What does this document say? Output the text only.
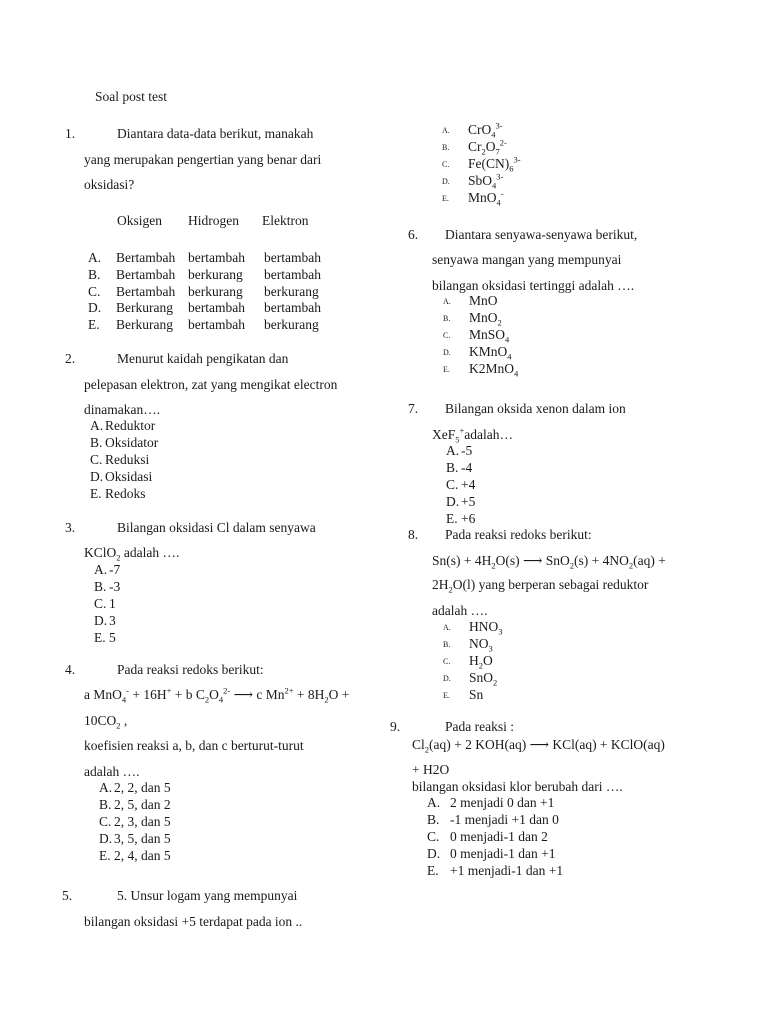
Soal post test
1.	Diantara data-data berikut, manakah
yang merupakan pengertian yang benar dari
oksidasi?
Oksigen Hidrogen Elektron
A.	Bertambah	bertambah	bertambah
B.	Bertambah	berkurang	bertambah
C.	Bertambah	berkurang	berkurang
D.	Berkurang	bertambah	bertambah
E.	Berkurang	bertambah	berkurang
2.	Menurut kaidah pengikatan dan
pelepasan elektron, zat yang mengikat electron
dinamakan….
A. Reduktor
B. Oksidator
C. Reduksi
D. Oksidasi
E. Redoks
3.	Bilangan oksidasi Cl dalam senyawa
KClO$_2$ adalah ….
A. -7
B. -3
C. 1
D. 3
E. 5
4.	Pada reaksi redoks berikut:
a MnO$_4$- + 16H+ + b $C_2O_4^{2-}$ ⟶ c $Mn^{2+} + 8H_2O$ +
$10CO_2$ ,
koefisien reaksi a, b, dan c berturut-turut
adalah ….
A. 2, 2, dan 5
B. 2, 5, dan 2
C. 2, 3, dan 5
D. 3, 5, dan 5
E. 2, 4, dan 5
5.	5. Unsur logam yang mempunyai
bilangan oksidasi +5 terdapat pada ion ..
A. CrO$_4^{3-}$
B. $Cr_2O_7^{2-}$
C. $Fe(CN)_6^{3-}$
D. SbO$_4^{3-}$
E. MnO$_4$-
6. Diantara senyawa-senyawa berikut,
senyawa mangan yang mempunyai
bilangan oksidasi tertinggi adalah ….
A. MnO
B. MnO$_2$
C. MnSO$_4$
D. KMnO$_4$
E. K2MnO$_4$
7. Bilangan oksida xenon dalam ion
XeF$_5$+adalah…
A. -5
B. -4
C. +4
D. +5
E. +6
8. Pada reaksi redoks berikut:
$Sn(s) + 4H_2O(s)$ ⟶ $SnO_2(s) + 4NO_2(aq)$ +
$2H_2O(l)$ yang berperan sebagai reduktor
adalah ….
A. $HNO_3$
B. $NO_3$
C. $H_2O$
D. SnO$_2$
E. Sn
9.	Pada reaksi :
$Cl_2(aq) + 2$ KOH(aq) ⟶ KCl(aq) + KClO(aq)
+ H2O
bilangan oksidasi klor berubah dari ….
A. 2 menjadi 0 dan +1
B. -1 menjadi +1 dan 0
C. 0 menjadi-1 dan 2
D. 0 menjadi-1 dan +1
E. +1 menjadi-1 dan +1
